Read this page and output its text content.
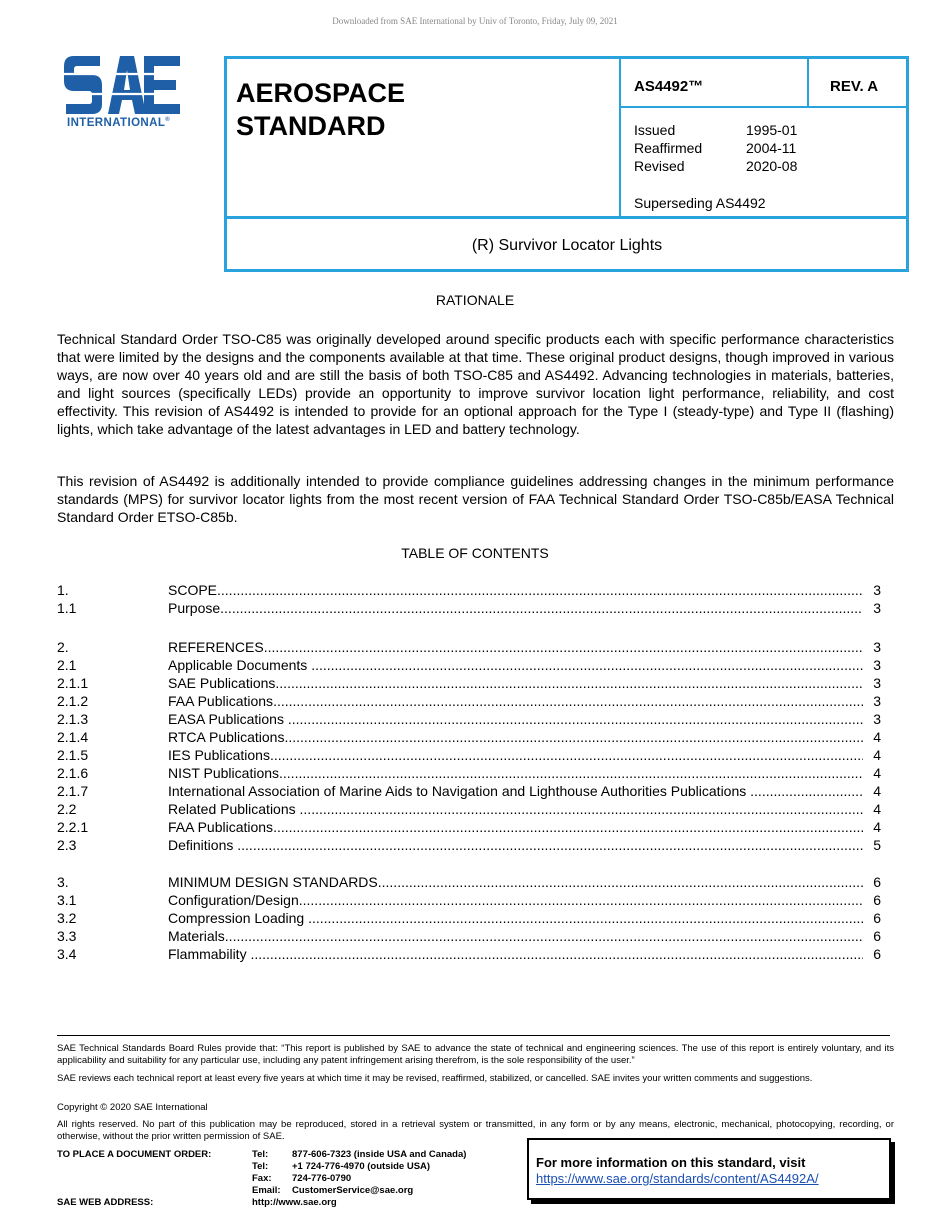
Downloaded from SAE International by Univ of Toronto, Friday, July 09, 2021
INTERNATIONAL®
AEROSPACE
STANDARD
AS4492™	REV. A
Issued	1995-01
Reaffirmed	2004-11
Revised	2020-08
Superseding AS4492
(R) Survivor Locator Lights
RATIONALE
Technical Standard Order TSO-C85 was originally developed around specific products each with specific performance characteristics that were limited by the designs and the components available at that time. These original product designs, though improved in various ways, are now over 40 years old and are still the basis of both TSO-C85 and AS4492. Advancing technologies in materials, batteries, and light sources (specifically LEDs) provide an opportunity to improve survivor location light performance, reliability, and cost effectivity. This revision of AS4492 is intended to provide for an optional approach for the Type I (steady-type) and Type II (flashing) lights, which take advantage of the latest advantages in LED and battery technology.
This revision of AS4492 is additionally intended to provide compliance guidelines addressing changes in the minimum performance standards (MPS) for survivor locator lights from the most recent version of FAA Technical Standard Order TSO-C85b/EASA Technical Standard Order ETSO-C85b.
TABLE OF CONTENTS
1.	SCOPE .....	3
1.1	Purpose .....	3
2.	REFERENCES .....	3
2.1	Applicable Documents .....	3
2.1.1	SAE Publications .....	3
2.1.2	FAA Publications .....	3
2.1.3	EASA Publications .....	3
2.1.4	RTCA Publications .....	4
2.1.5	IES Publications .....	4
2.1.6	NIST Publications .....	4
2.1.7	International Association of Marine Aids to Navigation and Lighthouse Authorities Publications .....	4
2.2	Related Publications .....	4
2.2.1	FAA Publications .....	4
2.3	Definitions .....	5
3.	MINIMUM DESIGN STANDARDS .....	6
3.1	Configuration/Design .....	6
3.2	Compression Loading .....	6
3.3	Materials .....	6
3.4	Flammability .....	6
SAE Technical Standards Board Rules provide that: “This report is published by SAE to advance the state of technical and engineering sciences. The use of this report is entirely voluntary, and its applicability and suitability for any particular use, including any patent infringement arising therefrom, is the sole responsibility of the user.”
SAE reviews each technical report at least every five years at which time it may be revised, reaffirmed, stabilized, or cancelled. SAE invites your written comments and suggestions.
Copyright © 2020 SAE International
All rights reserved. No part of this publication may be reproduced, stored in a retrieval system or transmitted, in any form or by any means, electronic, mechanical, photocopying, recording, or otherwise, without the prior written permission of SAE.
TO PLACE A DOCUMENT ORDER:	Tel:	877-606-7323 (inside USA and Canada)
Tel:	+1 724-776-4970 (outside USA)
Fax: 724-776-0790
Email: CustomerService@sae.org
SAE WEB ADDRESS:	http://www.sae.org
For more information on this standard, visit
https://www.sae.org/standards/content/AS4492A/
